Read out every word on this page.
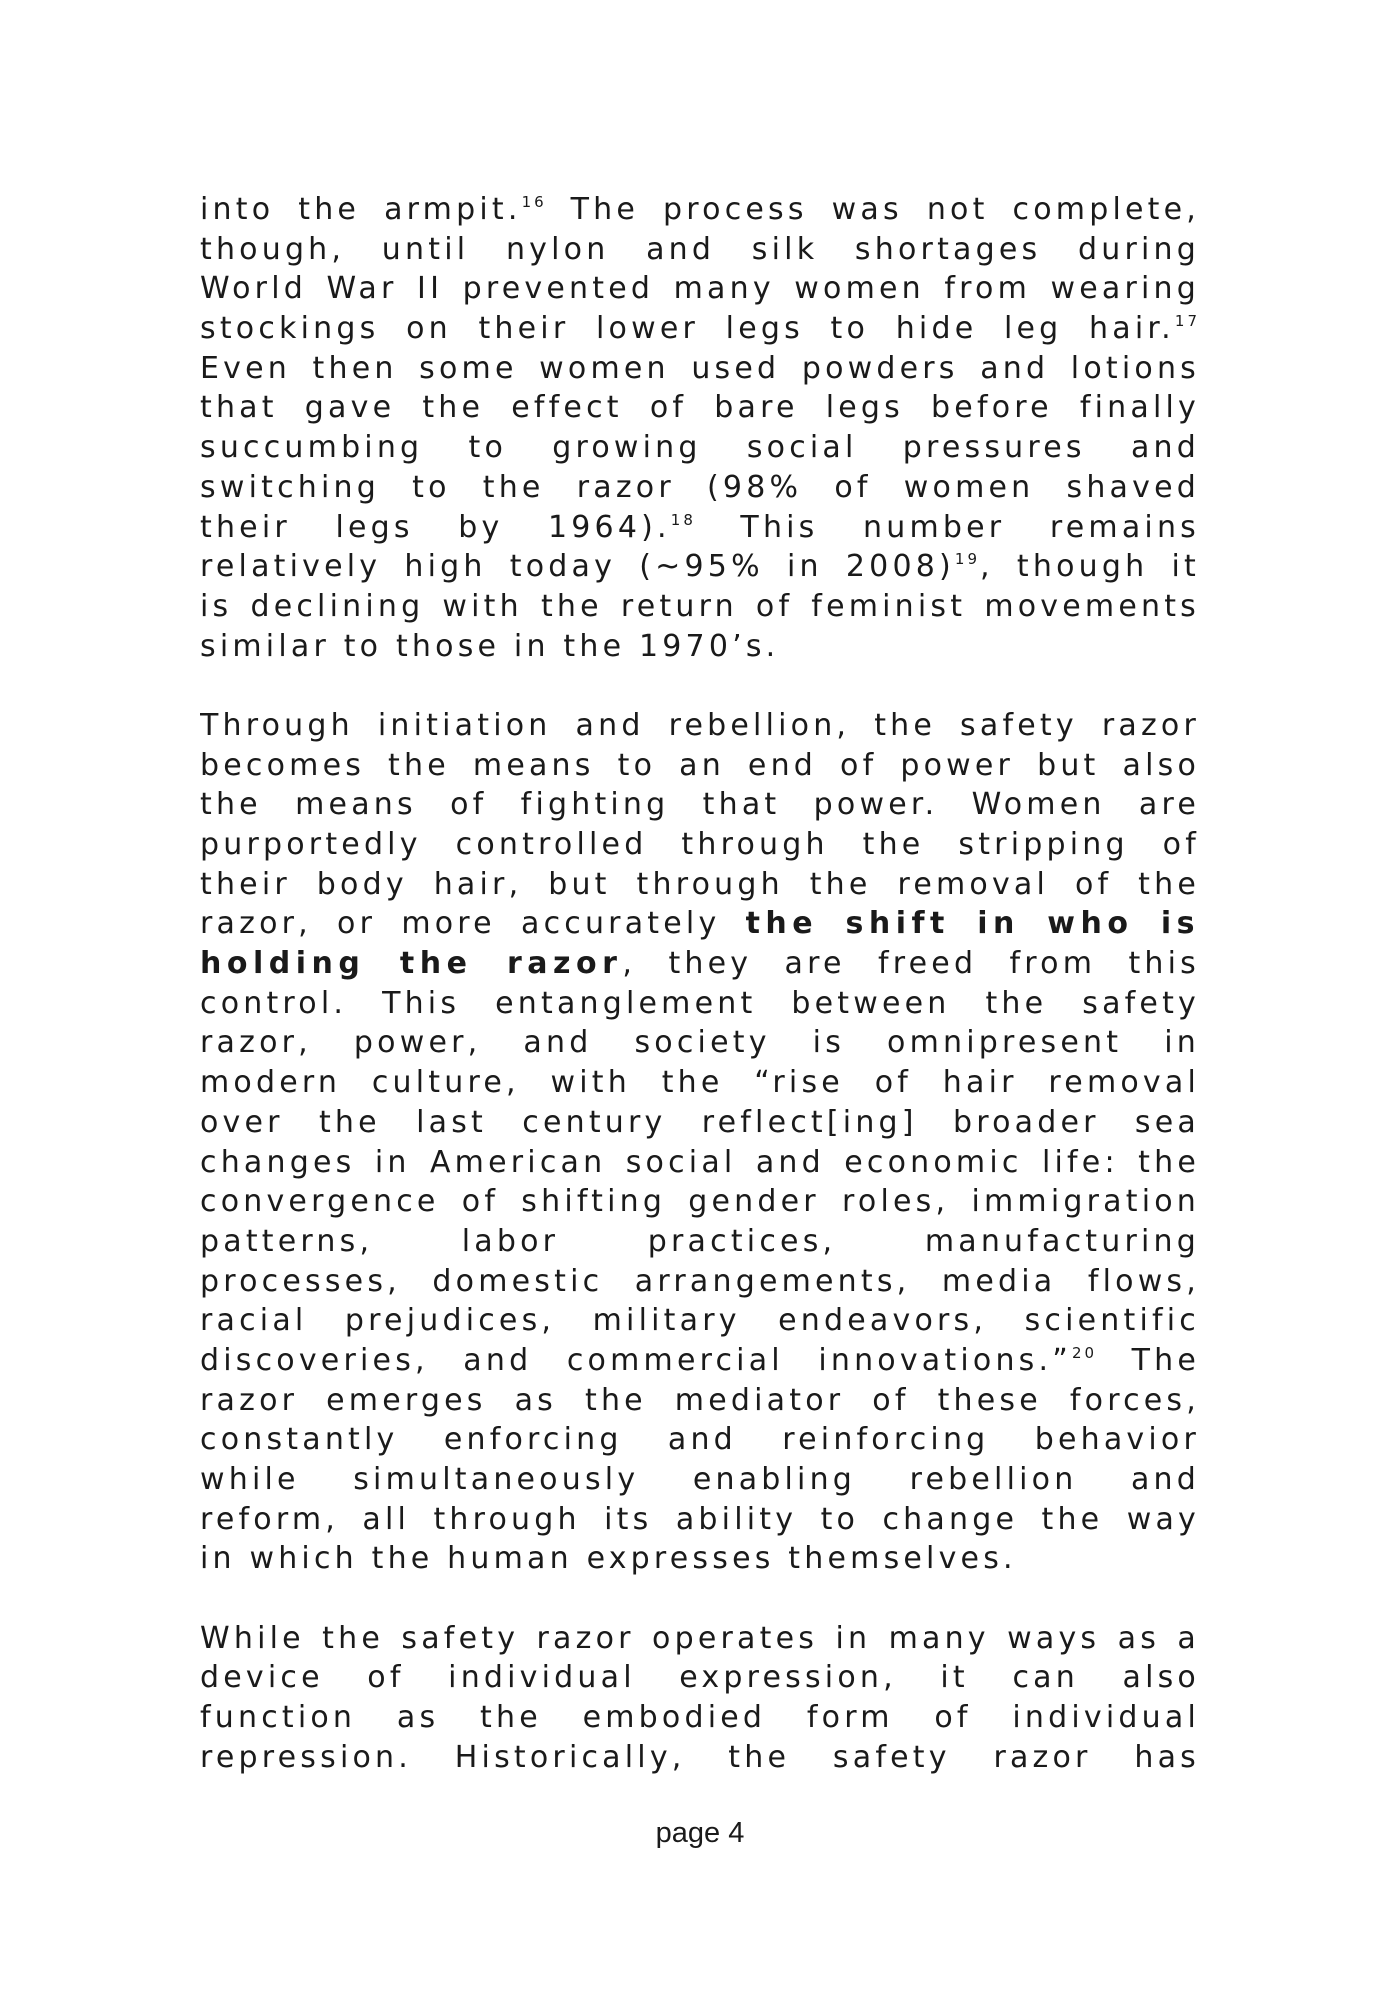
into the armpit.$^{16}$ The process was not complete,
though, until nylon and silk shortages during
World War II prevented many women from wearing
stockings on their lower legs to hide leg hair.$^{17}$
Even then some women used powders and lotions
that gave the effect of bare legs before finally
succumbing to growing social pressures and
switching to the razor (98% of women shaved
their legs by 1964).$^{18}$ This number remains
relatively high today (~95% in 2008)$^{19}$, though it
is declining with the return of feminist movements
similar to those in the 1970’s.
Through initiation and rebellion, the safety razor
becomes the means to an end of power but also
the means of fighting that power. Women are
purportedly controlled through the stripping of
their body hair, but through the removal of the
razor, or more accurately the shift in who is
holding the razor, they are freed from this
control. This entanglement between the safety
razor, power, and society is omnipresent in
modern culture, with the “rise of hair removal
over the last century reflect[ing] broader sea
changes in American social and economic life: the
convergence of shifting gender roles, immigration
patterns, labor practices, manufacturing
processes, domestic arrangements, media flows,
racial prejudices, military endeavors, scientific
discoveries, and commercial innovations.”$^{20}$ The
razor emerges as the mediator of these forces,
constantly enforcing and reinforcing behavior
while simultaneously enabling rebellion and
reform, all through its ability to change the way
in which the human expresses themselves.
While the safety razor operates in many ways as a
device of individual expression, it can also
function as the embodied form of individual
repression. Historically, the safety razor has
page 4
